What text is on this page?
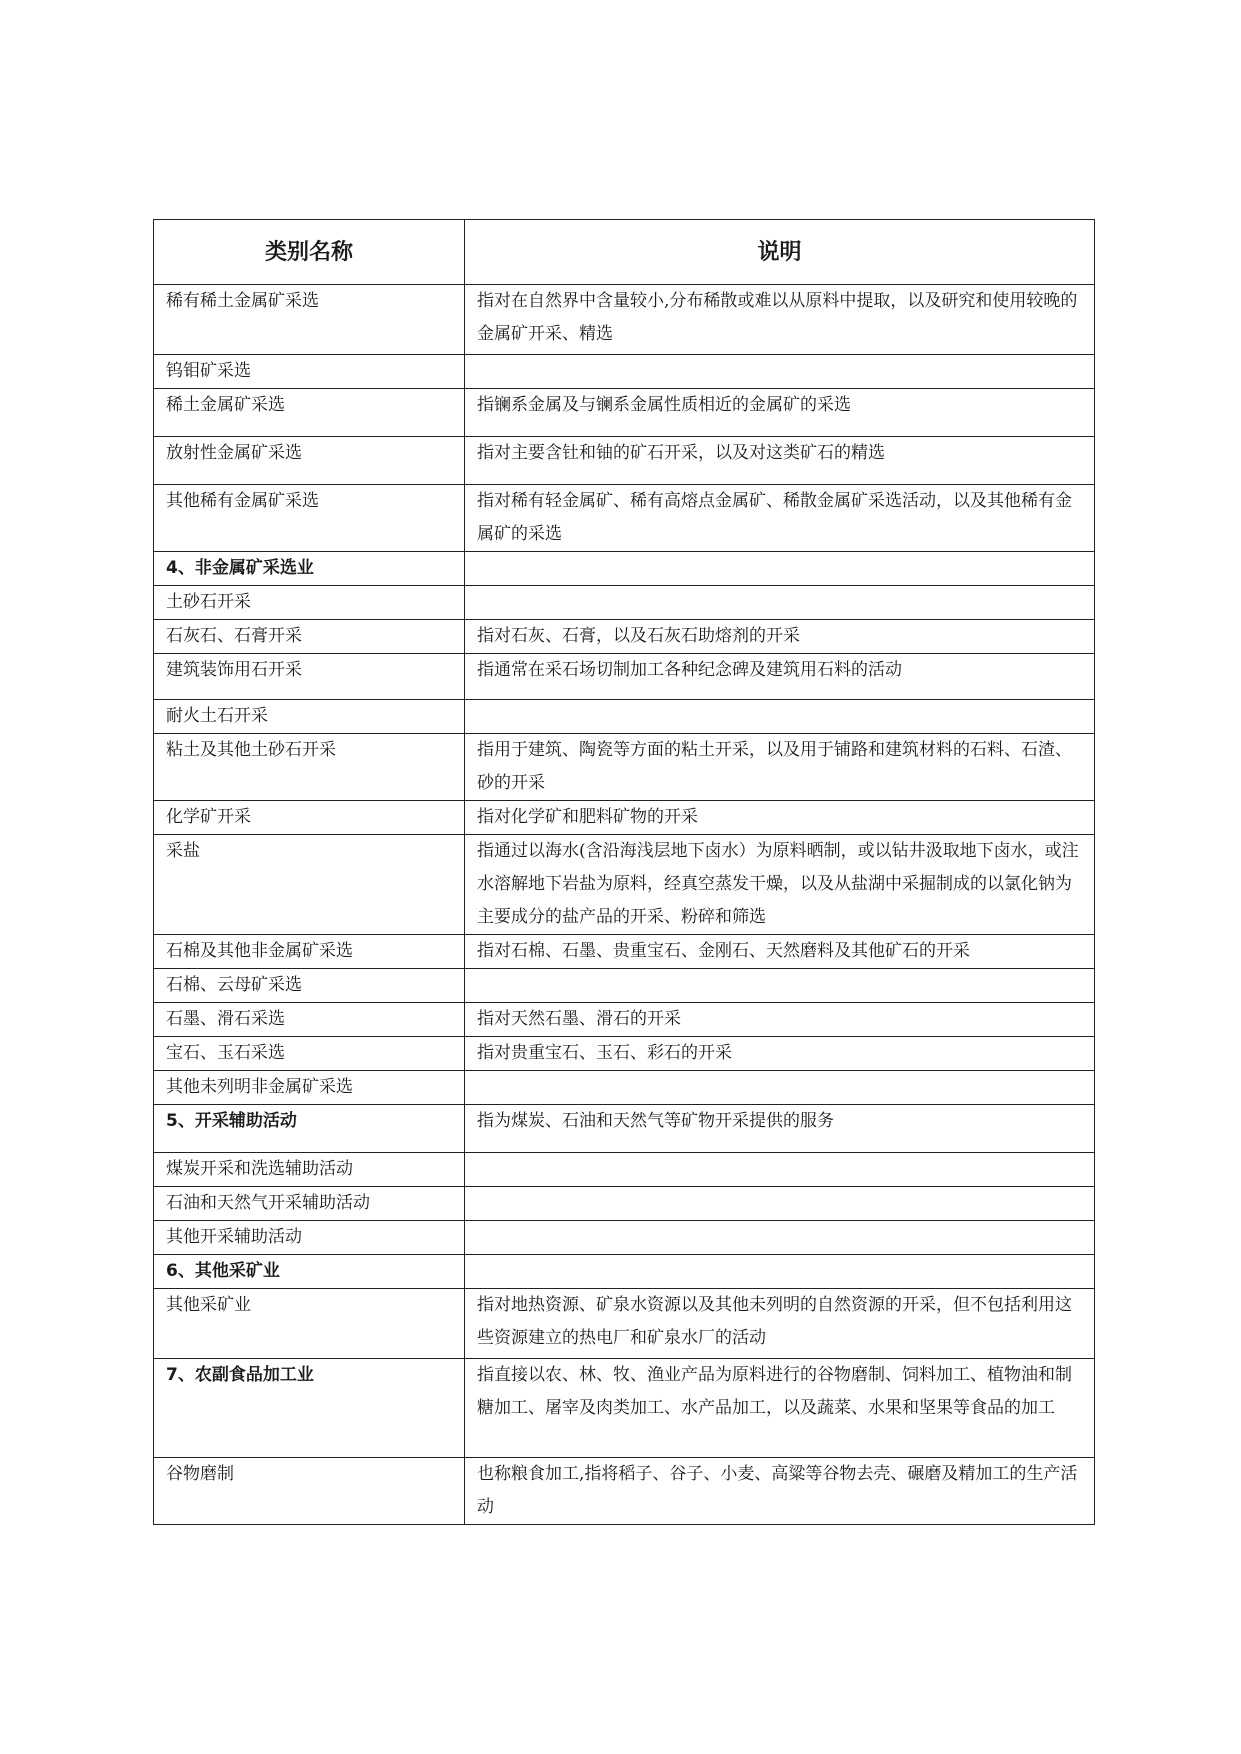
类别名称	说明
稀有稀土金属矿采选	指对在自然界中含量较小,分布稀散或难以从原料中提取，以及研究和使用较晚的金属矿开采、精选
钨钼矿采选	
稀土金属矿采选	指镧系金属及与镧系金属性质相近的金属矿的采选
放射性金属矿采选	指对主要含钍和铀的矿石开采，以及对这类矿石的精选
其他稀有金属矿采选	指对稀有轻金属矿、稀有高熔点金属矿、稀散金属矿采选活动，以及其他稀有金属矿的采选
4、非金属矿采选业	
土砂石开采	
石灰石、石膏开采	指对石灰、石膏，以及石灰石助熔剂的开采
建筑装饰用石开采	指通常在采石场切制加工各种纪念碑及建筑用石料的活动
耐火土石开采	
粘土及其他土砂石开采	指用于建筑、陶瓷等方面的粘土开采，以及用于铺路和建筑材料的石料、石渣、砂的开采
化学矿开采	指对化学矿和肥料矿物的开采
采盐	指通过以海水(含沿海浅层地下卤水）为原料晒制，或以钻井汲取地下卤水，或注水溶解地下岩盐为原料，经真空蒸发干燥，以及从盐湖中采掘制成的以氯化钠为主要成分的盐产品的开采、粉碎和筛选
石棉及其他非金属矿采选	指对石棉、石墨、贵重宝石、金刚石、天然磨料及其他矿石的开采
石棉、云母矿采选	
石墨、滑石采选	指对天然石墨、滑石的开采
宝石、玉石采选	指对贵重宝石、玉石、彩石的开采
其他未列明非金属矿采选	
5、开采辅助活动	指为煤炭、石油和天然气等矿物开采提供的服务
煤炭开采和洗选辅助活动	
石油和天然气开采辅助活动	
其他开采辅助活动	
6、其他采矿业	
其他采矿业	指对地热资源、矿泉水资源以及其他未列明的自然资源的开采，但不包括利用这些资源建立的热电厂和矿泉水厂的活动
7、农副食品加工业	指直接以农、林、牧、渔业产品为原料进行的谷物磨制、饲料加工、植物油和制糖加工、屠宰及肉类加工、水产品加工，以及蔬菜、水果和坚果等食品的加工
谷物磨制	也称粮食加工,指将稻子、谷子、小麦、高粱等谷物去壳、碾磨及精加工的生产活动
